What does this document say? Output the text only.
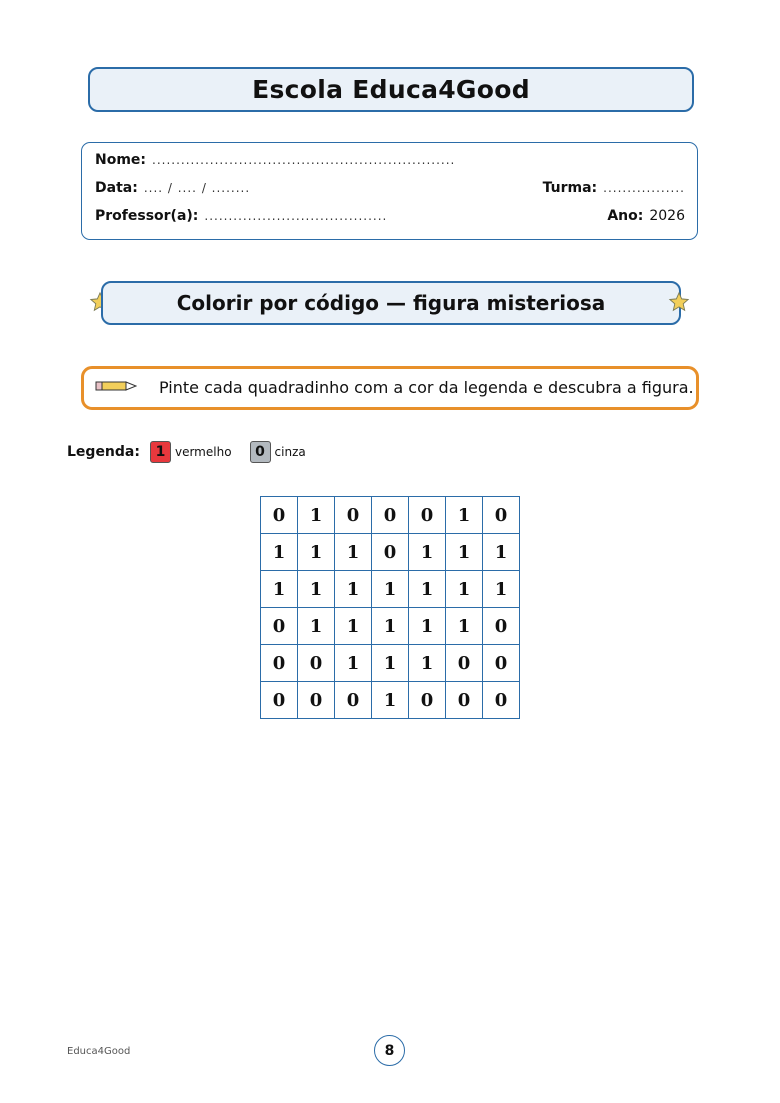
Escola Educa4Good
Nome: ...............................................................
Data: .... / .... / ........	Turma: .................
Professor(a): ......................................	Ano: 2026
Colorir por código — figura misteriosa
Pinte cada quadradinho com a cor da legenda e descubra a figura.
Legenda:	1 vermelho	0 cinza
0	1	0	0	0	1	0
1	1	1	0	1	1	1
1	1	1	1	1	1	1
0	1	1	1	1	1	0
0	0	1	1	1	0	0
0	0	0	1	0	0	0
Educa4Good	8
